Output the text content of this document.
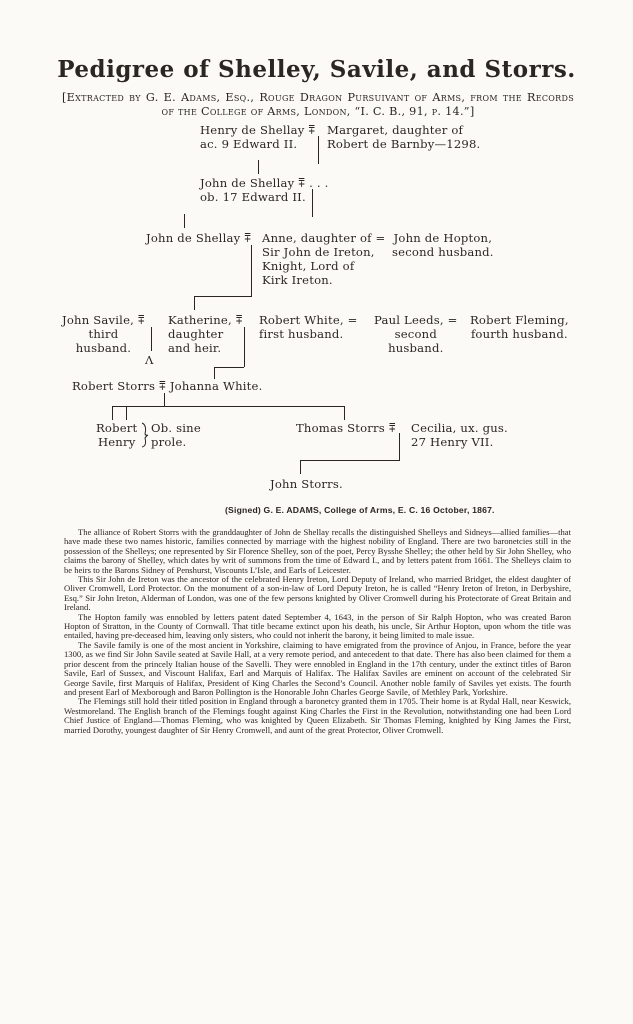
Pedigree of Shelley, Savile, and Storrs.
[Extracted by G. E. Adams, Esq., Rouge Dragon Pursuivant of Arms, from the Records of the College of Arms, London, “I. C. B., 91, p. 14.”]
Henry de Shellay ⩱
ac. 9 Edward II.
Margaret, daughter of
Robert de Barnby—1298.
John de Shellay ⩱ . . .
ob. 17 Edward II.
John de Shellay ⩱ Anne, daughter of =
Sir John de Ireton,
Knight, Lord of
Kirk Ireton.
John de Hopton,
second husband.
John Savile, ⩱
third
husband.
Λ
Katherine, ⩱
daughter
and heir.
Robert White, =
first husband.
Paul Leeds, =
second
husband.
Robert Fleming,
fourth husband.
Robert Storrs ⩱ Johanna White.
Robert
Henry
Ob. sine
prole.
Thomas Storrs ⩱ Cecilia, ux. gus.
27 Henry VII.
John Storrs.
(Signed) G. E. ADAMS, College of Arms, E. C. 16 October, 1867.

The alliance of Robert Storrs with the granddaughter of John de Shellay recalls the distinguished Shelleys and Sidneys—allied families—that have made these two names historic, families connected by marriage with the highest nobility of England. There are two baronetcies still in the possession of the Shelleys; one represented by Sir Florence Shelley, son of the poet, Percy Bysshe Shelley; the other held by Sir John Shelley, who claims the barony of Shelley, which dates by writ of summons from the time of Edward I., and by letters patent from 1661. The Shelleys claim to be heirs to the Barons Sidney of Penshurst, Viscounts L’Isle, and Earls of Leicester.

This Sir John de Ireton was the ancestor of the celebrated Henry Ireton, Lord Deputy of Ireland, who married Bridget, the eldest daughter of Oliver Cromwell, Lord Protector. On the monument of a son-in-law of Lord Deputy Ireton, he is called “Henry Ireton of Ireton, in Derbyshire, Esq.” Sir John Ireton, Alderman of London, was one of the few persons knighted by Oliver Cromwell during his Protectorate of Great Britain and Ireland.

The Hopton family was ennobled by letters patent dated September 4, 1643, in the person of Sir Ralph Hopton, who was created Baron Hopton of Stratton, in the County of Cornwall. That title became extinct upon his death, his uncle, Sir Arthur Hopton, upon whom the title was entailed, having pre-deceased him, leaving only sisters, who could not inherit the barony, it being limited to male issue.

The Savile family is one of the most ancient in Yorkshire, claiming to have emigrated from the province of Anjou, in France, before the year 1300, as we find Sir John Savile seated at Savile Hall, at a very remote period, and antecedent to that date. There has also been claimed for them a prior descent from the princely Italian house of the Savelli. They were ennobled in England in the 17th century, under the extinct titles of Baron Savile, Earl of Sussex, and Viscount Halifax, Earl and Marquis of Halifax. The Halifax Saviles are eminent on account of the celebrated Sir George Savile, first Marquis of Halifax, President of King Charles the Second’s Council. Another noble family of Saviles yet exists. The fourth and present Earl of Mexborough and Baron Pollington is the Honorable John Charles George Savile, of Methley Park, Yorkshire.

The Flemings still hold their titled position in England through a baronetcy granted them in 1705. Their home is at Rydal Hall, near Keswick, Westmoreland. The English branch of the Flemings fought against King Charles the First in the Revolution, notwithstanding one had been Lord Chief Justice of England—Thomas Fleming, who was knighted by Queen Elizabeth. Sir Thomas Fleming, knighted by King James the First, married Dorothy, youngest daughter of Sir Henry Cromwell, and aunt of the great Protector, Oliver Cromwell.
